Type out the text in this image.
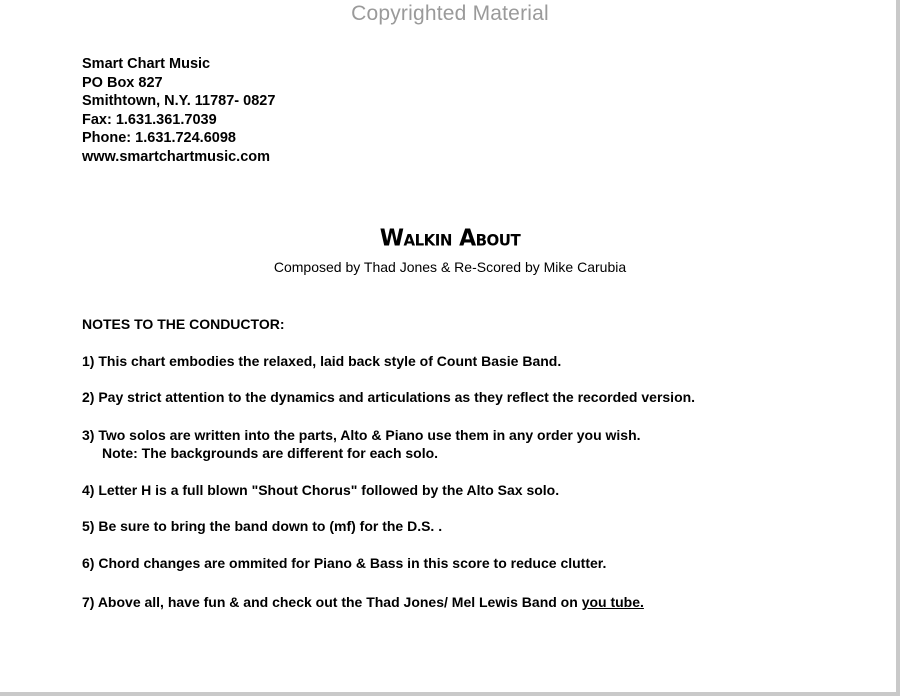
Copyrighted Material
Smart Chart Music
PO Box 827
Smithtown, N.Y. 11787- 0827
Fax: 1.631.361.7039
Phone: 1.631.724.6098
www.smartchartmusic.com
Walkin About
Composed by Thad Jones & Re-Scored by Mike Carubia
NOTES TO THE CONDUCTOR:
1) This chart embodies the relaxed, laid back style of Count Basie Band.
2) Pay strict attention to the dynamics and articulations as they reflect the recorded version.
3) Two solos are written into the parts, Alto & Piano use them in any order you wish.
Note: The backgrounds are different for each solo.
4) Letter H is a full blown "Shout Chorus" followed by the Alto Sax solo.
5) Be sure to bring the band down to (mf) for the D.S. .
6) Chord changes are ommited for Piano & Bass in this score to reduce clutter.
7) Above all, have fun & and check out the Thad Jones/ Mel Lewis Band on you tube.
